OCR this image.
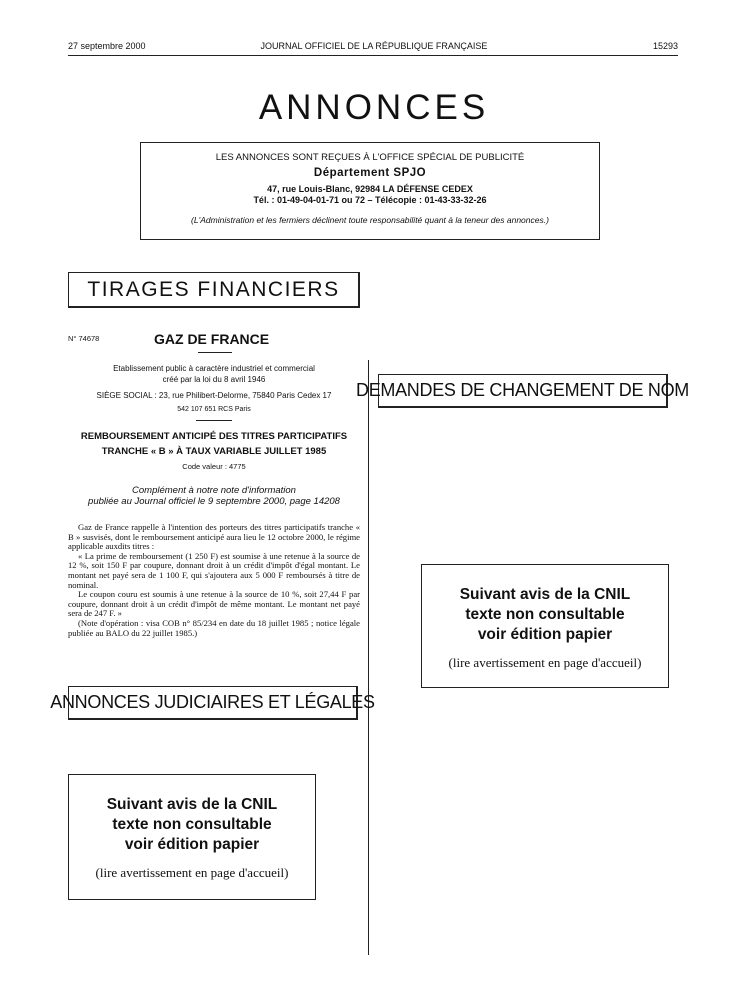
27 septembre 2000	JOURNAL OFFICIEL DE LA RÉPUBLIQUE FRANÇAISE	15293
ANNONCES
LES ANNONCES SONT REÇUES À L'OFFICE SPÉCIAL DE PUBLICITÉ
Département SPJO
47, rue Louis-Blanc, 92984 LA DÉFENSE CEDEX
Tél. : 01-49-04-01-71 ou 72 – Télécopie : 01-43-33-32-26
(L'Administration et les fermiers déclinent toute responsabilité quant à la teneur des annonces.)
TIRAGES FINANCIERS
N° 74678	GAZ DE FRANCE
Etablissement public à caractère industriel et commercial
créé par la loi du 8 avril 1946
SIÈGE SOCIAL : 23, rue Philibert-Delorme, 75840 Paris Cedex 17
542 107 651 RCS Paris
REMBOURSEMENT ANTICIPÉ DES TITRES PARTICIPATIFS
TRANCHE « B » À TAUX VARIABLE JUILLET 1985
Code valeur : 4775
Complément à notre note d'information
publiée au Journal officiel le 9 septembre 2000, page 14208

Gaz de France rappelle à l'intention des porteurs des titres participatifs tranche « B » susvisés, dont le remboursement anticipé aura lieu le 12 octobre 2000, le régime applicable auxdits titres :

« La prime de remboursement (1 250 F) est soumise à une retenue à la source de 12 %, soit 150 F par coupure, donnant droit à un crédit d'impôt d'égal montant. Le montant net payé sera de 1 100 F, qui s'ajoutera aux 5 000 F remboursés à titre de nominal.

Le coupon couru est soumis à une retenue à la source de 10 %, soit 27,44 F par coupure, donnant droit à un crédit d'impôt de même montant. Le montant net payé sera de 247 F. »

(Note d'opération : visa COB n° 85/234 en date du 18 juillet 1985 ; notice légale publiée au BALO du 22 juillet 1985.)

DEMANDES DE CHANGEMENT DE NOM
Suivant avis de la CNIL
texte non consultable
voir édition papier
(lire avertissement en page d'accueil)
ANNONCES JUDICIAIRES ET LÉGALES
Suivant avis de la CNIL
texte non consultable
voir édition papier
(lire avertissement en page d'accueil)
